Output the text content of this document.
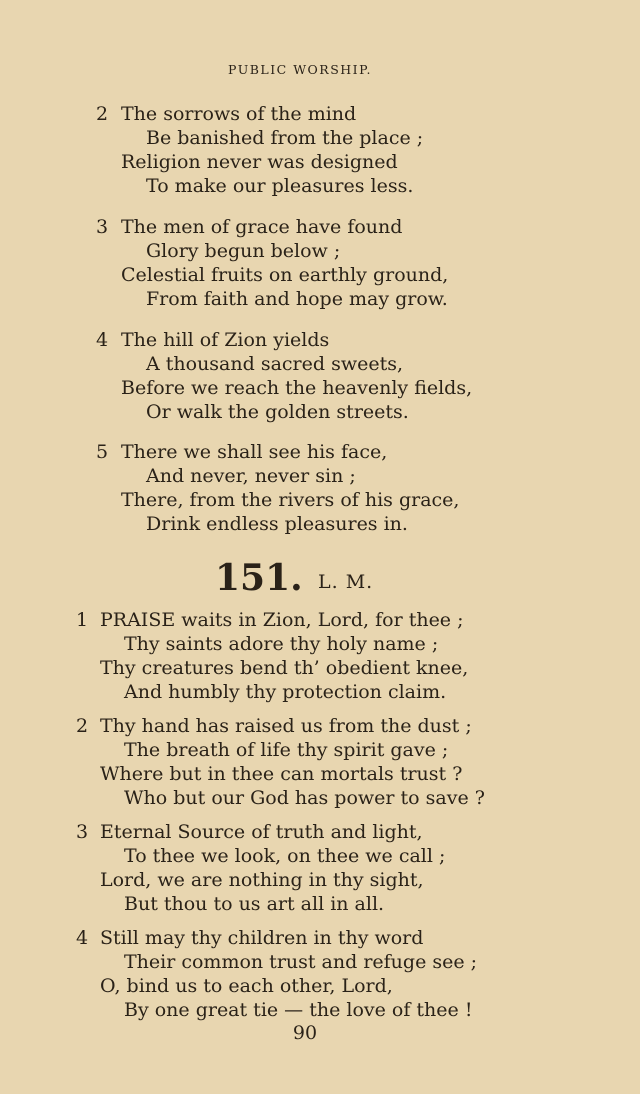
PUBLIC WORSHIP.
2 The sorrows of the mind
Be banished from the place ;
Religion never was designed
To make our pleasures less.
3 The men of grace have found
Glory begun below ;
Celestial fruits on earthly ground,
From faith and hope may grow.
4 The hill of Zion yields
A thousand sacred sweets,
Before we reach the heavenly fields,
Or walk the golden streets.
5 There we shall see his face,
And never, never sin ;
There, from the rivers of his grace,
Drink endless pleasures in.
151. L. M.
1 PRAISE waits in Zion, Lord, for thee ;
Thy saints adore thy holy name ;
Thy creatures bend th’ obedient knee,
And humbly thy protection claim.
2 Thy hand has raised us from the dust ;
The breath of life thy spirit gave ;
Where but in thee can mortals trust ?
Who but our God has power to save ?
3 Eternal Source of truth and light,
To thee we look, on thee we call ;
Lord, we are nothing in thy sight,
But thou to us art all in all.
4 Still may thy children in thy word
Their common trust and refuge see ;
O, bind us to each other, Lord,
By one great tie — the love of thee !
90
